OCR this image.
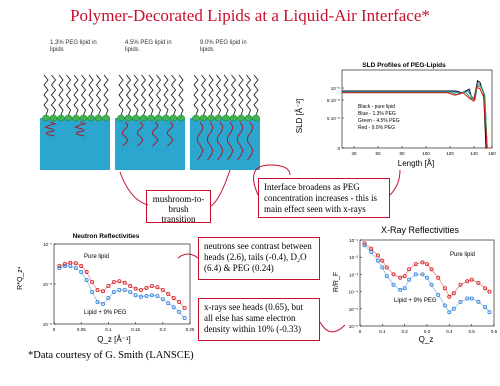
Polymer-Decorated Lipids at a Liquid-Air Interface*
1.3% PEG lipid in lipids
4.5% PEG lipid in lipids
9.0% PEG lipid in lipids
SLD Profiles of PEG-Lipids
SLD [Å⁻²]
Length [Å]
0
5 10⁻⁶
8 10⁻⁶
10⁻⁵
40	60	80	100	120	140 160
Black - pure lipid
Blue - 1.3% PEG
Green - 4.5% PEG
Red - 9.0% PEG
mushroom-to-brush transition
Interface broadens as PEG concentration increases - this is main effect seen with x-rays
neutrons see contrast between heads (2.6), tails (-0.4), D₂O (6.4) & PEG (0.24)
x-rays see heads (0.65), but all else has same electron density within 10% (-0.33)
Neutron Reflectivities
R*Q_z⁴
Q_z [Å⁻¹]
Pure lipid
Lipid + 9% PEG
10⁻⁷
10⁻⁸
10⁻⁹
0	0.05	0.1	0.15	0.2	0.25
X-Ray Reflectivities
R/R_F
Q_z
Pure lipid
Lipid + 9% PEG
10⁻¹
10⁻²
10⁻³
10⁻⁴
10⁻⁵
10⁻⁶
0	0.1	0.2	0.3	0.4	0.5	0.6
*Data courtesy of G. Smith (LANSCE)
